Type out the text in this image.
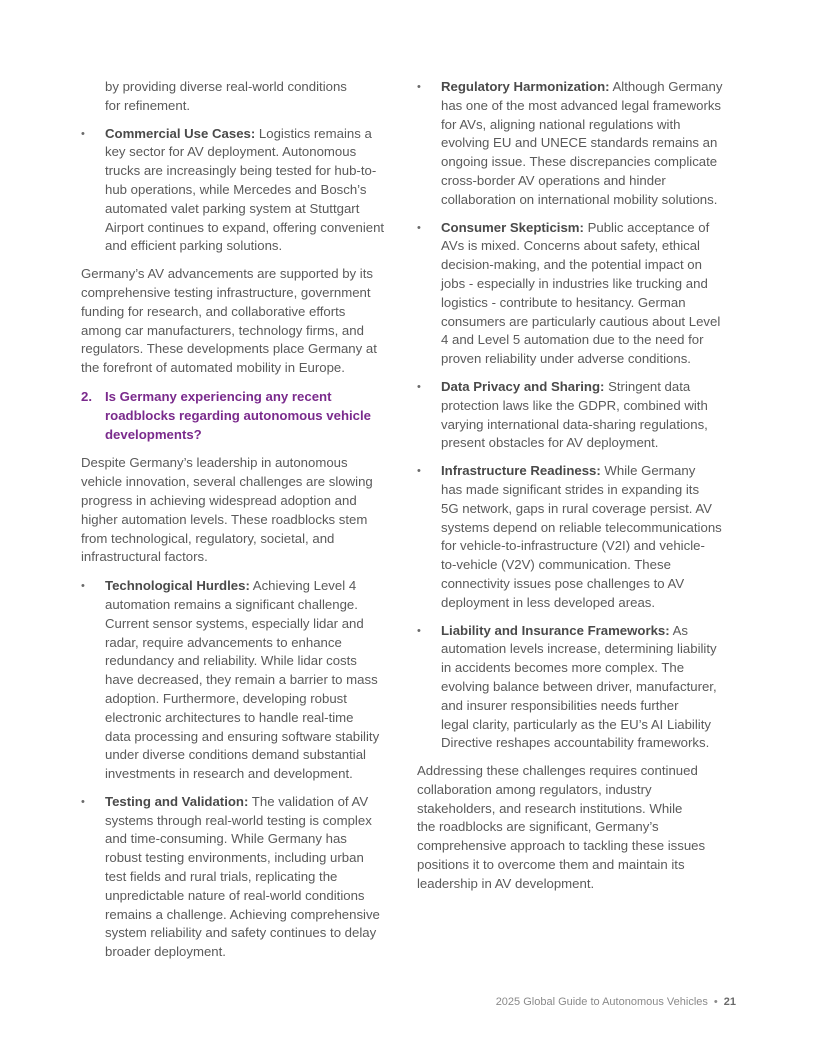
by providing diverse real-world conditions
for refinement.
•	Commercial Use Cases: Logistics remains a
key sector for AV deployment. Autonomous
trucks are increasingly being tested for hub-to-
hub operations, while Mercedes and Bosch’s
automated valet parking system at Stuttgart
Airport continues to expand, offering convenient
and efficient parking solutions.
Germany’s AV advancements are supported by its
comprehensive testing infrastructure, government
funding for research, and collaborative efforts
among car manufacturers, technology firms, and
regulators. These developments place Germany at
the forefront of automated mobility in Europe.
2. Is Germany experiencing any recent
roadblocks regarding autonomous vehicle
developments?
Despite Germany’s leadership in autonomous
vehicle innovation, several challenges are slowing
progress in achieving widespread adoption and
higher automation levels. These roadblocks stem
from technological, regulatory, societal, and
infrastructural factors.
•	Technological Hurdles: Achieving Level 4
automation remains a significant challenge.
Current sensor systems, especially lidar and
radar, require advancements to enhance
redundancy and reliability. While lidar costs
have decreased, they remain a barrier to mass
adoption. Furthermore, developing robust
electronic architectures to handle real-time
data processing and ensuring software stability
under diverse conditions demand substantial
investments in research and development.
•	Testing and Validation: The validation of AV
systems through real-world testing is complex
and time-consuming. While Germany has
robust testing environments, including urban
test fields and rural trials, replicating the
unpredictable nature of real-world conditions
remains a challenge. Achieving comprehensive
system reliability and safety continues to delay
broader deployment.
•	Regulatory Harmonization: Although Germany
has one of the most advanced legal frameworks
for AVs, aligning national regulations with
evolving EU and UNECE standards remains an
ongoing issue. These discrepancies complicate
cross-border AV operations and hinder
collaboration on international mobility solutions.
•	Consumer Skepticism: Public acceptance of
AVs is mixed. Concerns about safety, ethical
decision-making, and the potential impact on
jobs - especially in industries like trucking and
logistics - contribute to hesitancy. German
consumers are particularly cautious about Level
4 and Level 5 automation due to the need for
proven reliability under adverse conditions.
•	Data Privacy and Sharing: Stringent data
protection laws like the GDPR, combined with
varying international data-sharing regulations,
present obstacles for AV deployment.
•	Infrastructure Readiness: While Germany
has made significant strides in expanding its
5G network, gaps in rural coverage persist. AV
systems depend on reliable telecommunications
for vehicle-to-infrastructure (V2I) and vehicle-
to-vehicle (V2V) communication. These
connectivity issues pose challenges to AV
deployment in less developed areas.
•	Liability and Insurance Frameworks: As
automation levels increase, determining liability
in accidents becomes more complex. The
evolving balance between driver, manufacturer,
and insurer responsibilities needs further
legal clarity, particularly as the EU’s AI Liability
Directive reshapes accountability frameworks.
Addressing these challenges requires continued
collaboration among regulators, industry
stakeholders, and research institutions. While
the roadblocks are significant, Germany’s
comprehensive approach to tackling these issues
positions it to overcome them and maintain its
leadership in AV development.
2025 Global Guide to Autonomous Vehicles • 21
